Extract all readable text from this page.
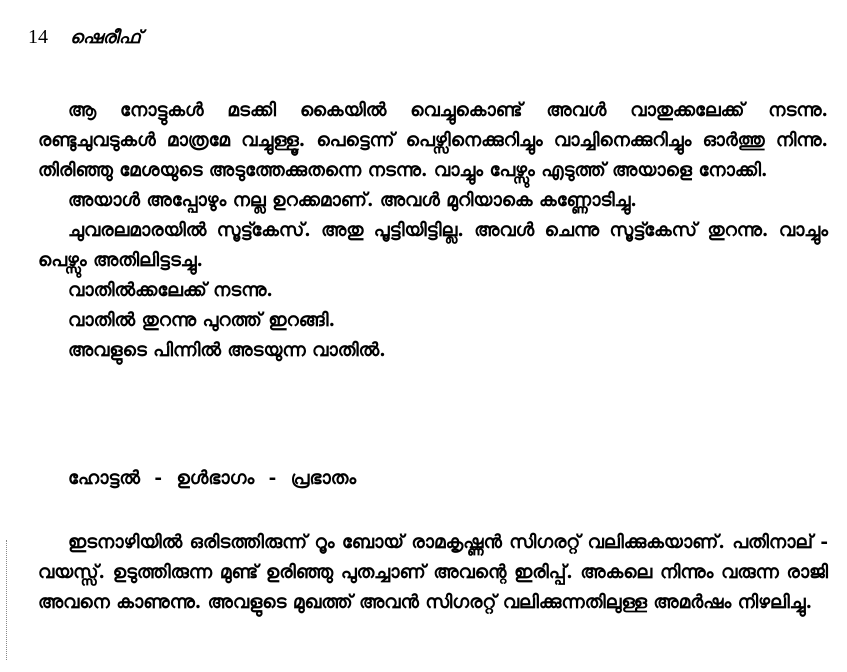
14 ഷെരീഫ്

ആ നോട്ടുകൾ മടക്കി കൈയിൽ വെച്ചുകൊണ്ട് അവൾ വാതുക്കലേക്ക് നടന്നു. രണ്ടുചുവടുകൾ മാത്രമേ വച്ചുള്ളൂ. പെട്ടെന്ന് പെഴ്സിനെക്കുറിച്ചും വാച്ചിനെക്കുറിച്ചും ഓർത്തു നിന്നു. തിരിഞ്ഞു മേശയുടെ അടുത്തേക്കുതന്നെ നടന്നു. വാച്ചും പേഴ്സും എടുത്ത് അയാളെ നോക്കി.

അയാൾ അപ്പോഴും നല്ല ഉറക്കമാണ്. അവൾ മുറിയാകെ കണ്ണോടിച്ചു.

ചുവരലമാരയിൽ സൂട്ട്കേസ്. അതു പൂട്ടിയിട്ടില്ല. അവൾ ചെന്നു സൂട്ട്കേസ് തുറന്നു. വാച്ചും പെഴ്സും അതിലിട്ടടച്ചു.

വാതിൽക്കലേക്ക് നടന്നു.

വാതിൽ തുറന്നു പുറത്ത് ഇറങ്ങി.

അവളുടെ പിന്നിൽ അടയുന്ന വാതിൽ.

ഹോട്ടൽ - ഉൾഭാഗം - പ്രഭാതം

ഇടനാഴിയിൽ ഒരിടത്തിരുന്ന് റൂം ബോയ് രാമകൃഷ്ണൻ സിഗരറ്റ് വലിക്കുകയാണ്. പതിനാല് - വയസ്സ്. ഉടുത്തിരുന്ന മുണ്ട് ഉരിഞ്ഞു പുതച്ചാണ് അവന്റെ ഇരിപ്പ്. അകലെ നിന്നും വരുന്ന രാജി അവനെ കാണുന്നു. അവളുടെ മുഖത്ത് അവൻ സിഗരറ്റ് വലിക്കുന്നതിലുള്ള അമർഷം നിഴലിച്ചു.
